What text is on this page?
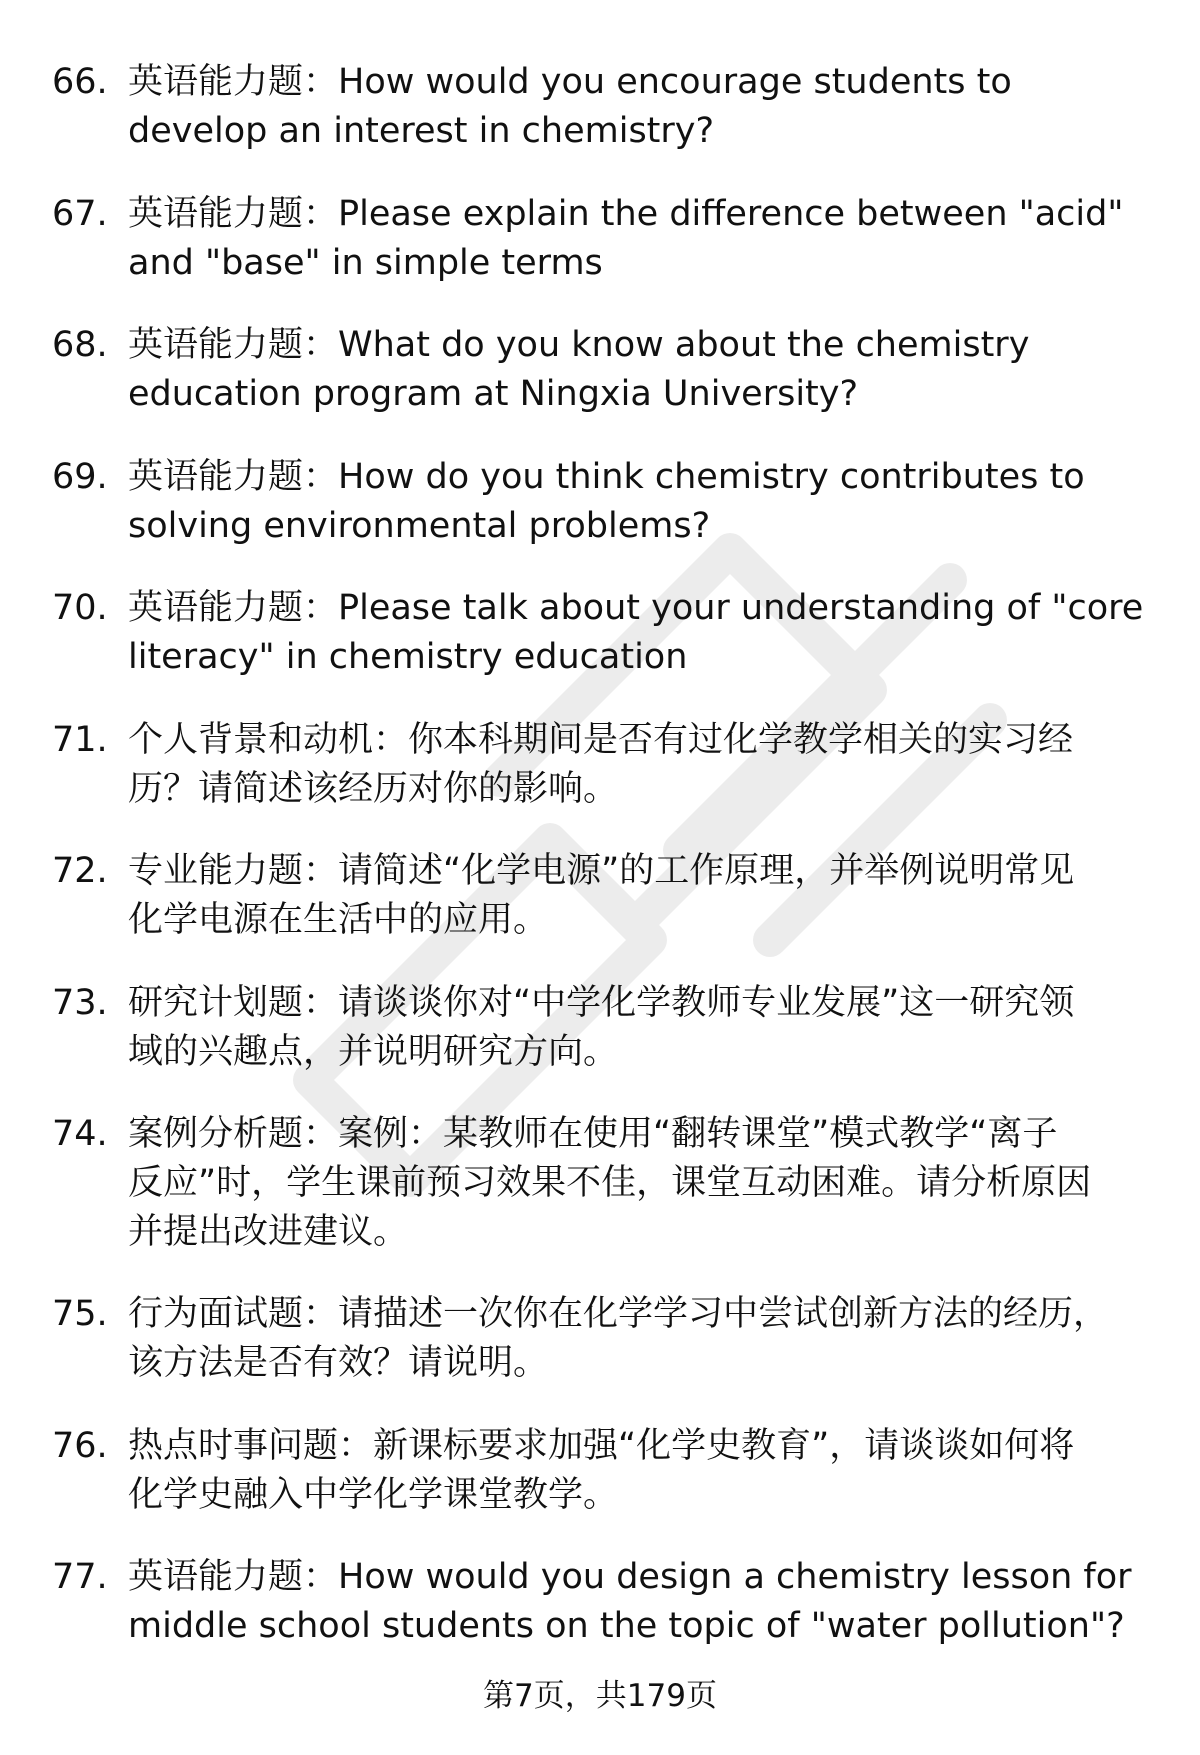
66. 英语能力题：How would you encourage students to
develop an interest in chemistry?
67. 英语能力题：Please explain the difference between "acid"
and "base" in simple terms
68. 英语能力题：What do you know about the chemistry
education program at Ningxia University?
69. 英语能力题：How do you think chemistry contributes to
solving environmental problems?
70. 英语能力题：Please talk about your understanding of "core
literacy" in chemistry education
71. 个人背景和动机：你本科期间是否有过化学教学相关的实习经
历？请简述该经历对你的影响。
72. 专业能力题：请简述“化学电源”的工作原理，并举例说明常见
化学电源在生活中的应用。
73. 研究计划题：请谈谈你对“中学化学教师专业发展”这一研究领
域的兴趣点，并说明研究方向。
74. 案例分析题：案例：某教师在使用“翻转课堂”模式教学“离子
反应”时，学生课前预习效果不佳，课堂互动困难。请分析原因
并提出改进建议。
75. 行为面试题：请描述一次你在化学学习中尝试创新方法的经历，
该方法是否有效？请说明。
76. 热点时事问题：新课标要求加强“化学史教育”，请谈谈如何将
化学史融入中学化学课堂教学。
77. 英语能力题：How would you design a chemistry lesson for
middle school students on the topic of "water pollution"?
第7页，共179页
